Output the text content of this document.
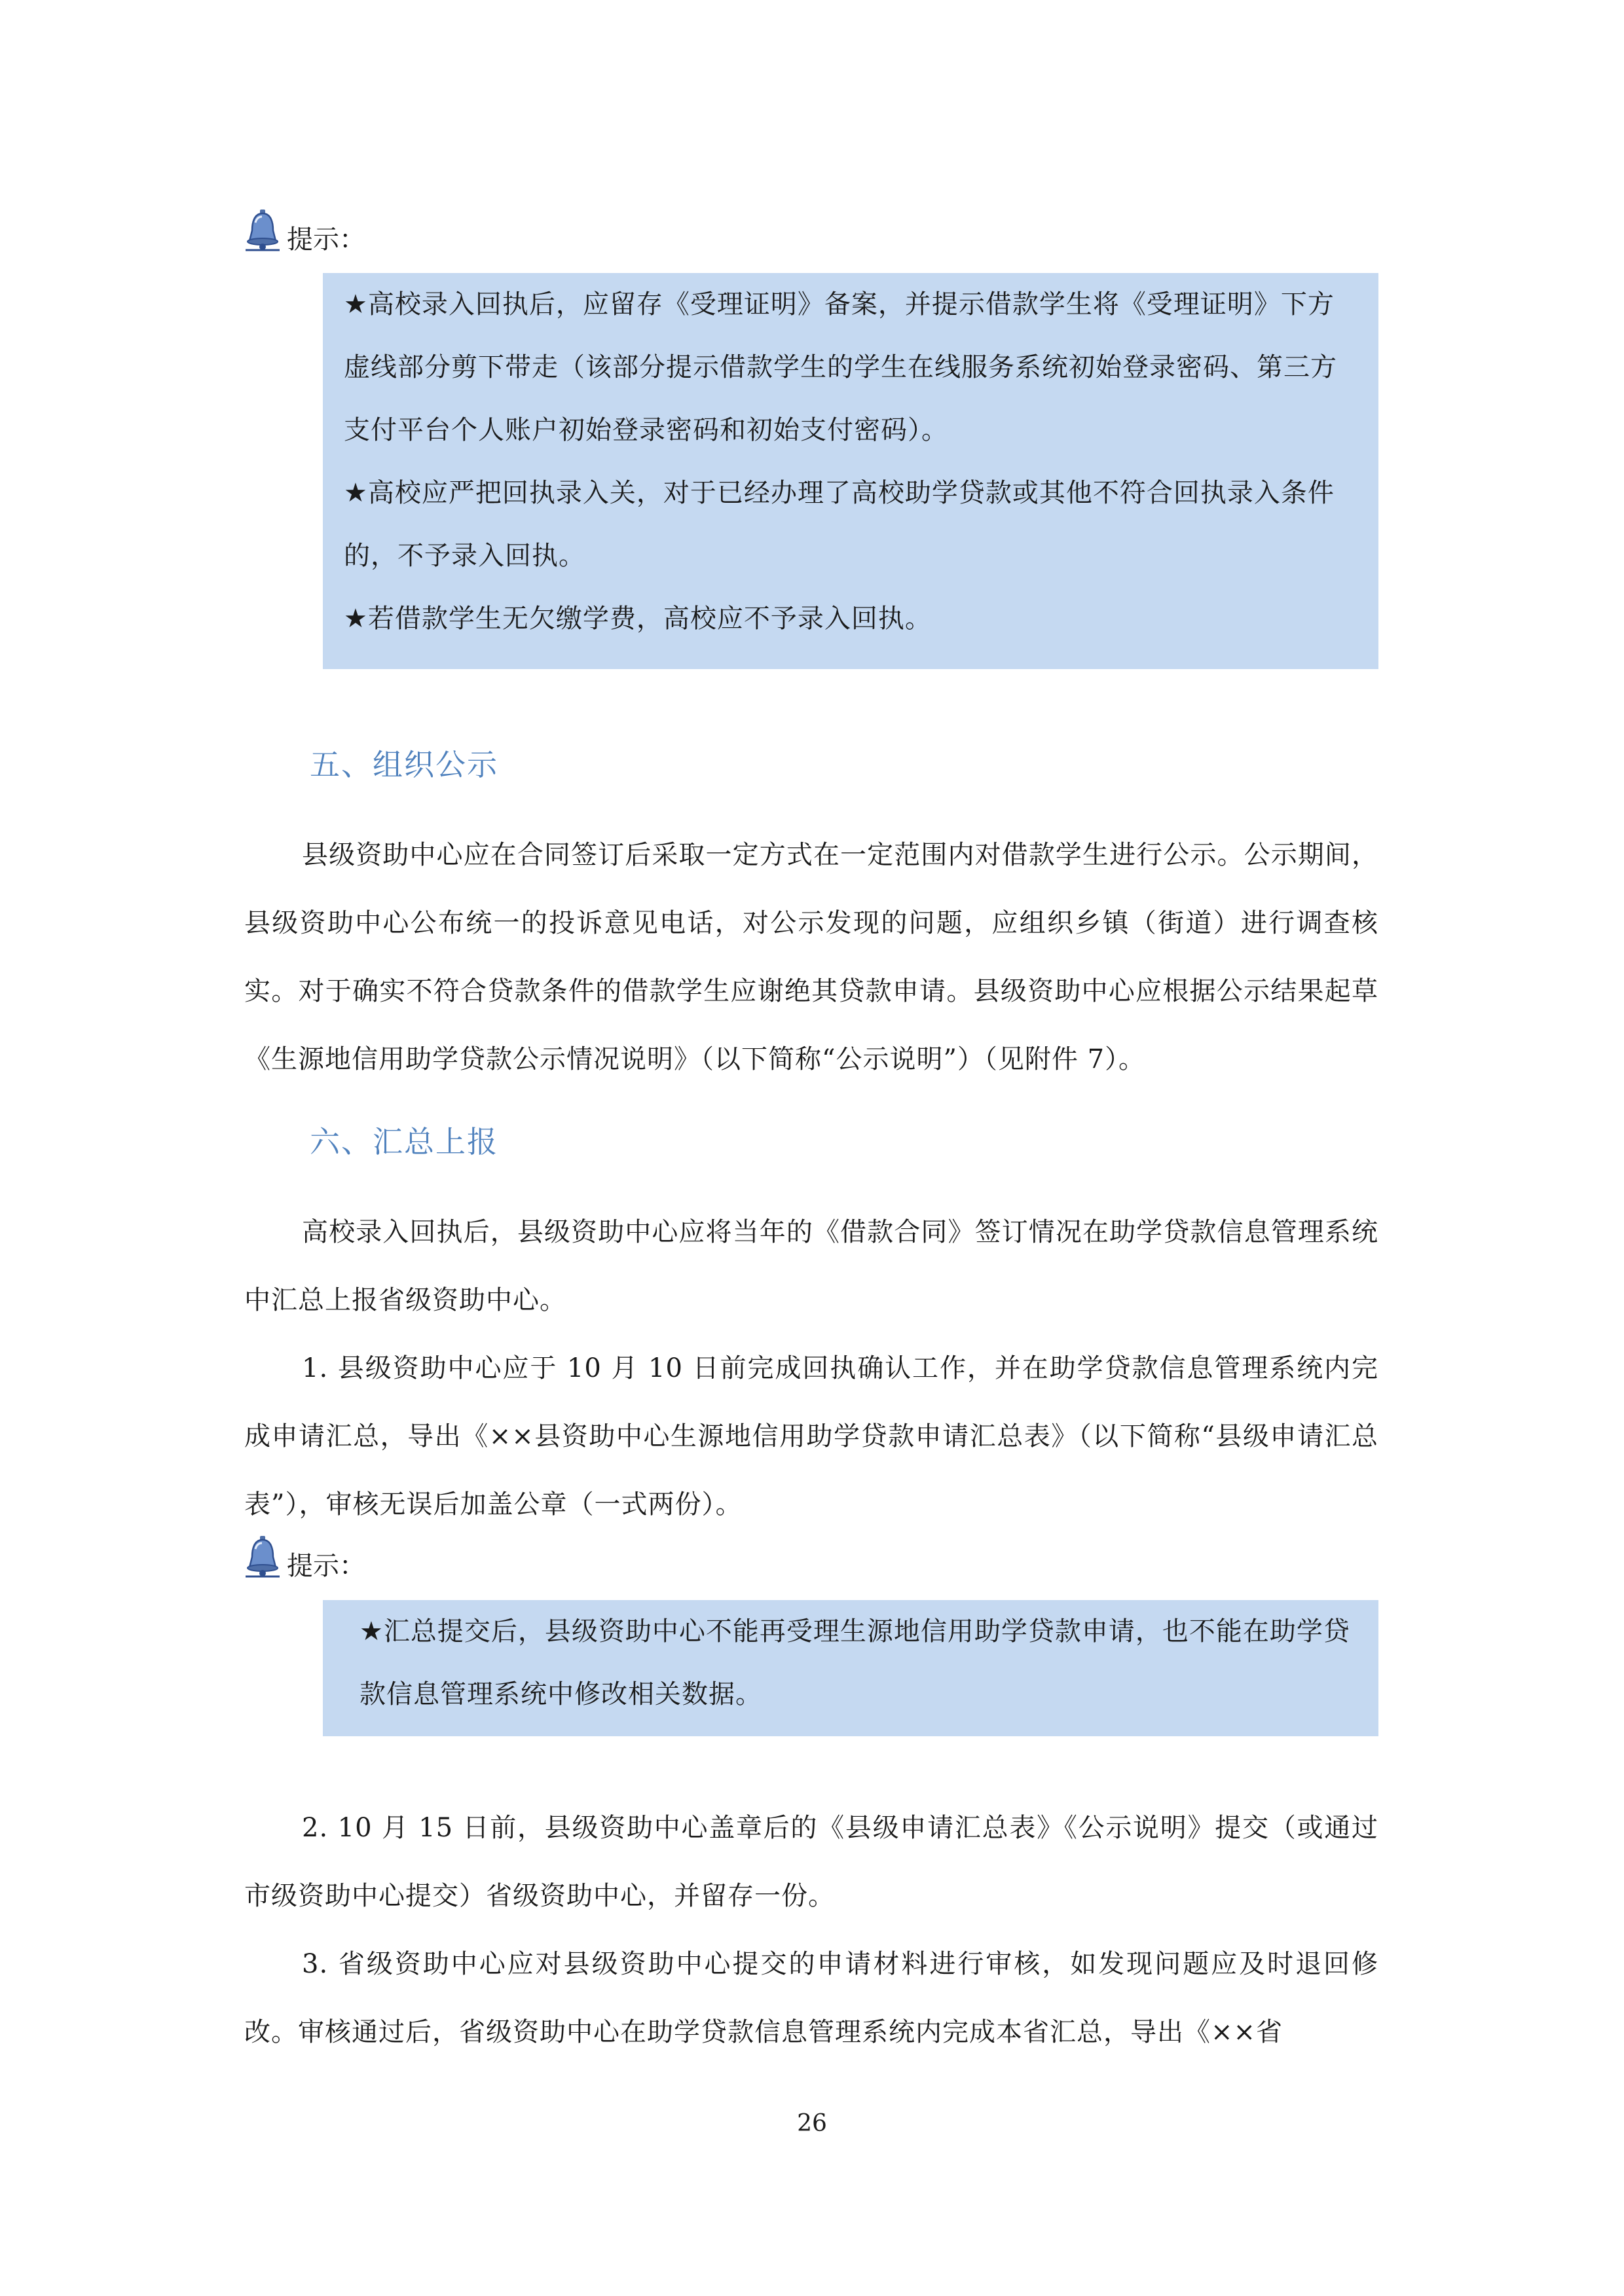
提示：

★高校录入回执后，应留存《受理证明》备案，并提示借款学生将《受理证明》下方虚线部分剪下带走（该部分提示借款学生的学生在线服务系统初始登录密码、第三方支付平台个人账户初始登录密码和初始支付密码）。
★高校应严把回执录入关，对于已经办理了高校助学贷款或其他不符合回执录入条件的，不予录入回执。
★若借款学生无欠缴学费，高校应不予录入回执。

五、组织公示

县级资助中心应在合同签订后采取一定方式在一定范围内对借款学生进行公示。公示期间，县级资助中心公布统一的投诉意见电话，对公示发现的问题，应组织乡镇（街道）进行调查核实。对于确实不符合贷款条件的借款学生应谢绝其贷款申请。县级资助中心应根据公示结果起草《生源地信用助学贷款公示情况说明》（以下简称“公示说明”）（见附件 7）。

六、汇总上报

高校录入回执后，县级资助中心应将当年的《借款合同》签订情况在助学贷款信息管理系统中汇总上报省级资助中心。

1. 县级资助中心应于 10 月 10 日前完成回执确认工作，并在助学贷款信息管理系统内完成申请汇总，导出《××县资助中心生源地信用助学贷款申请汇总表》（以下简称“县级申请汇总表”），审核无误后加盖公章（一式两份）。

提示：

★汇总提交后，县级资助中心不能再受理生源地信用助学贷款申请，也不能在助学贷款信息管理系统中修改相关数据。

2. 10 月 15 日前，县级资助中心盖章后的《县级申请汇总表》《公示说明》提交（或通过市级资助中心提交）省级资助中心，并留存一份。

3. 省级资助中心应对县级资助中心提交的申请材料进行审核，如发现问题应及时退回修改。审核通过后，省级资助中心在助学贷款信息管理系统内完成本省汇总，导出《××省

26
